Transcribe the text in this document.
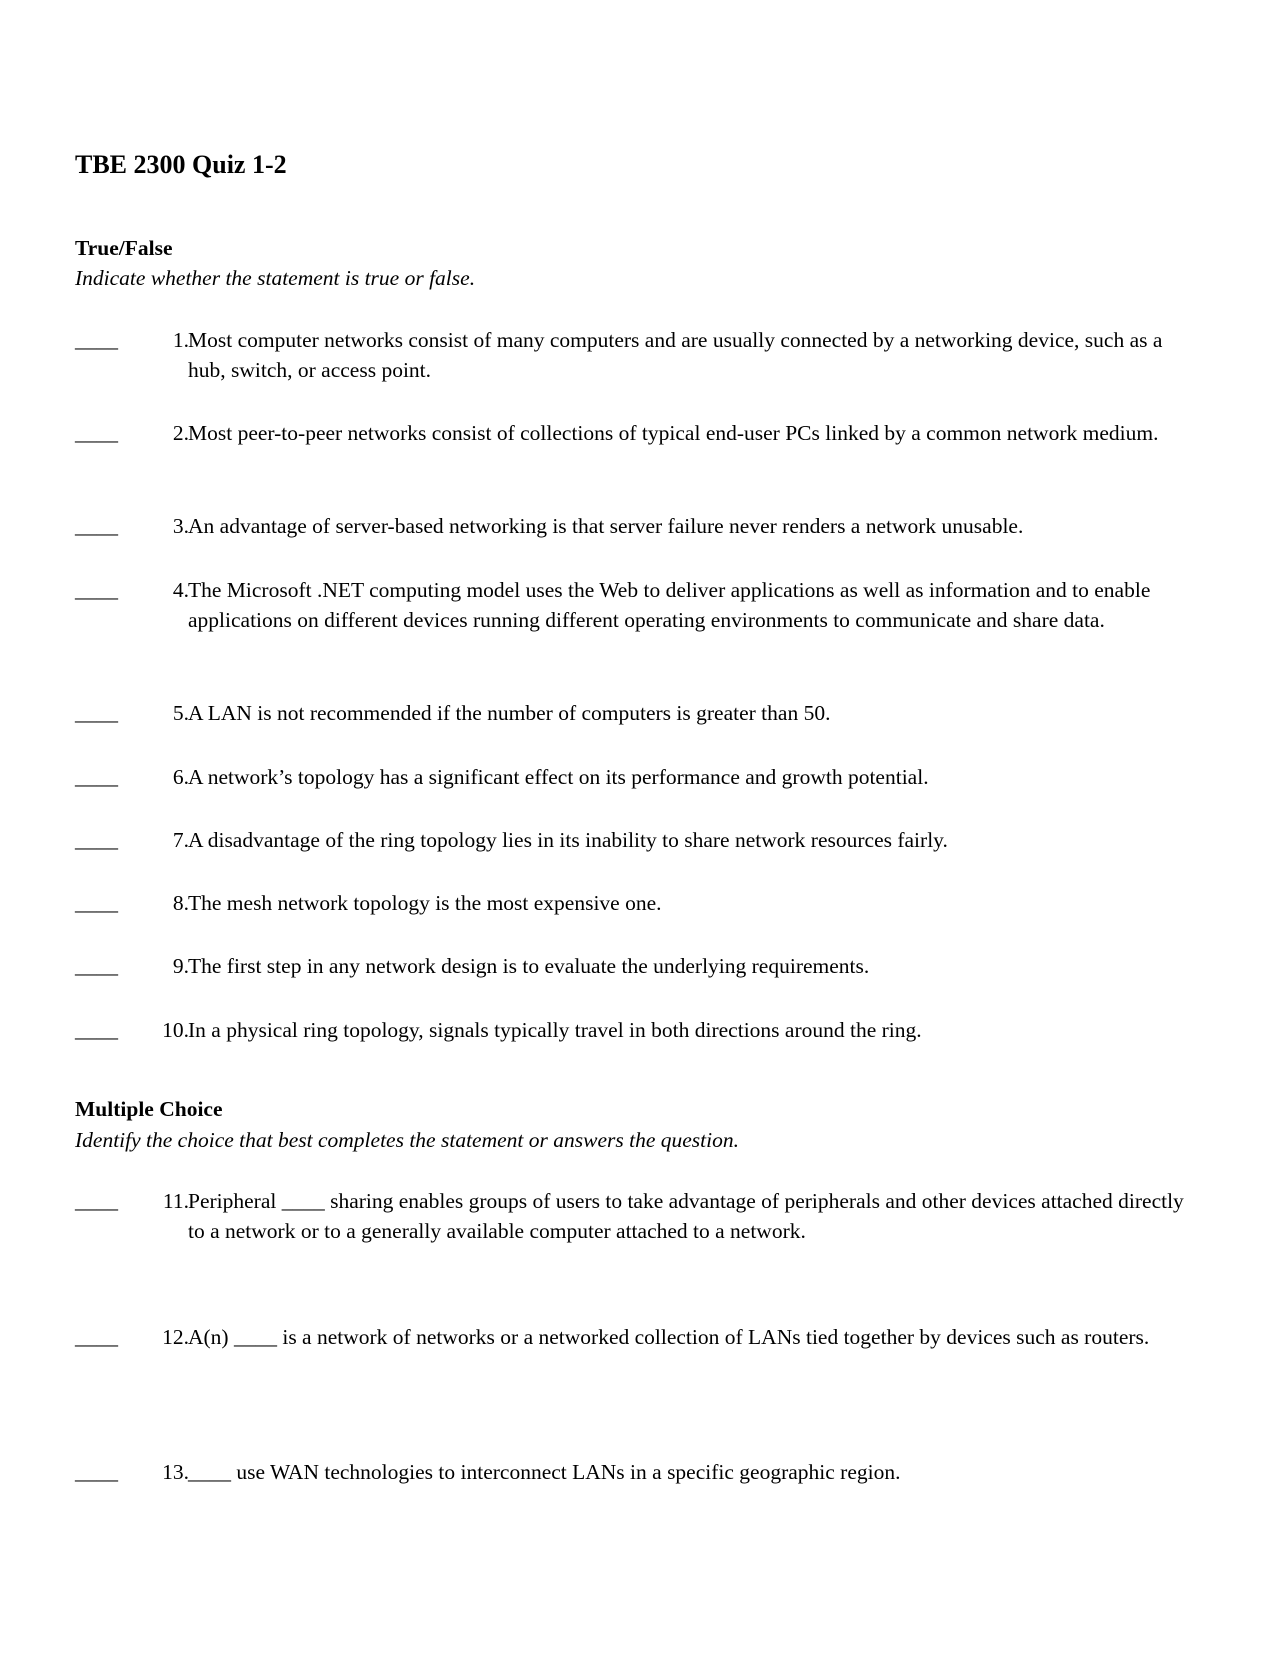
TBE 2300 Quiz 1-2
True/False
Indicate whether the statement is true or false.
____	1. Most computer networks consist of many computers and are usually connected by a networking device, such as a hub, switch, or access point.
____	2. Most peer-to-peer networks consist of collections of typical end-user PCs linked by a common network medium.
____	3. An advantage of server-based networking is that server failure never renders a network unusable.
____	4. The Microsoft .NET computing model uses the Web to deliver applications as well as information and to enable applications on different devices running different operating environments to communicate and share data.
____	5. A LAN is not recommended if the number of computers is greater than 50.
____	6. A network’s topology has a significant effect on its performance and growth potential.
____	7. A disadvantage of the ring topology lies in its inability to share network resources fairly.
____	8. The mesh network topology is the most expensive one.
____	9. The first step in any network design is to evaluate the underlying requirements.
____	10. In a physical ring topology, signals typically travel in both directions around the ring.
Multiple Choice
Identify the choice that best completes the statement or answers the question.
____	11. Peripheral ____ sharing enables groups of users to take advantage of peripherals and other devices attached directly to a network or to a generally available computer attached to a network.
____	12. A(n) ____ is a network of networks or a networked collection of LANs tied together by devices such as routers.
____	13. ____ use WAN technologies to interconnect LANs in a specific geographic region.
